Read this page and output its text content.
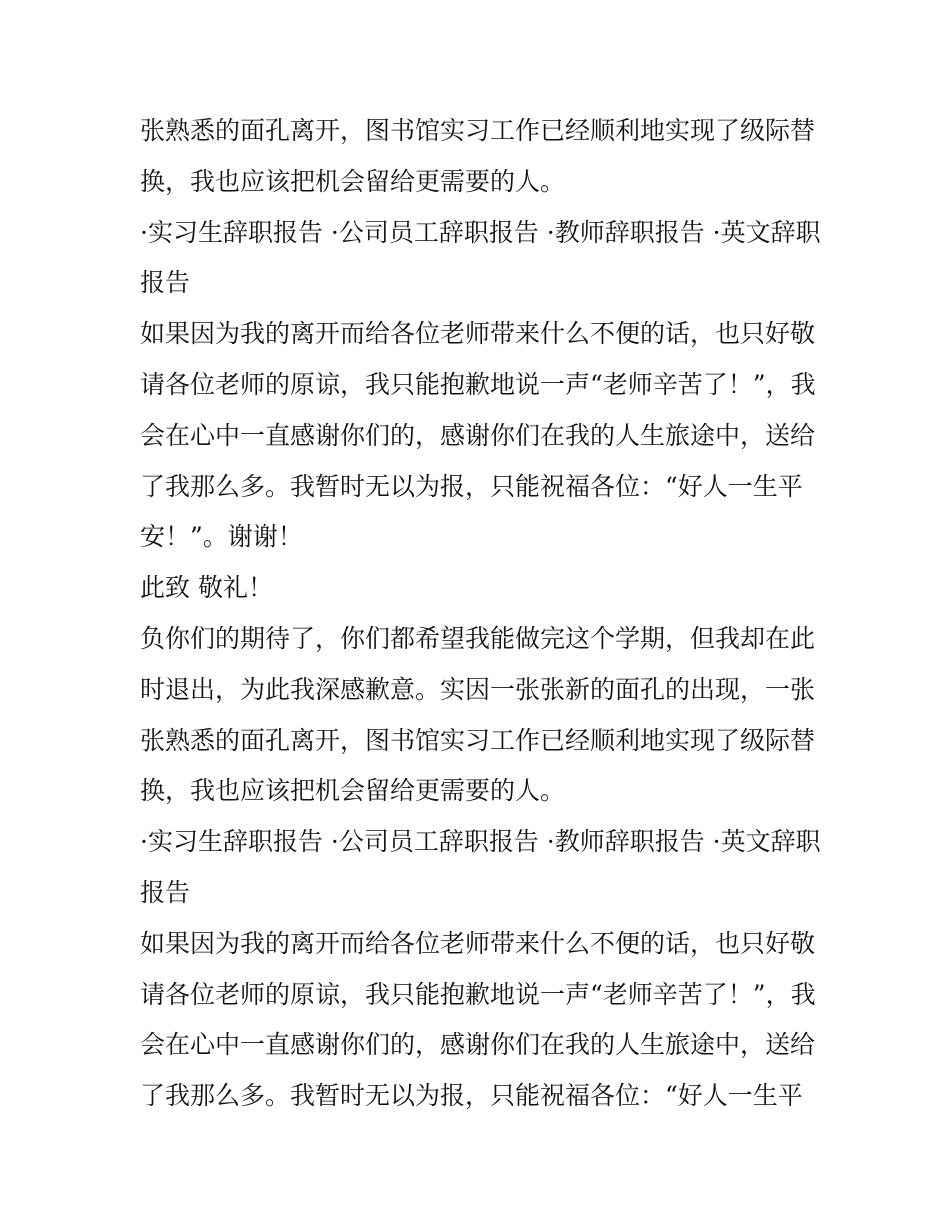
张熟悉的面孔离开，图书馆实习工作已经顺利地实现了级际替
换，我也应该把机会留给更需要的人。
·实习生辞职报告 ·公司员工辞职报告 ·教师辞职报告 ·英文辞职
报告
如果因为我的离开而给各位老师带来什么不便的话，也只好敬
请各位老师的原谅，我只能抱歉地说一声“老师辛苦了！”，我
会在心中一直感谢你们的，感谢你们在我的人生旅途中，送给
了我那么多。我暂时无以为报，只能祝福各位：“好人一生平
安！”。谢谢！
此致 敬礼！
负你们的期待了，你们都希望我能做完这个学期，但我却在此
时退出，为此我深感歉意。实因一张张新的面孔的出现，一张
张熟悉的面孔离开，图书馆实习工作已经顺利地实现了级际替
换，我也应该把机会留给更需要的人。
·实习生辞职报告 ·公司员工辞职报告 ·教师辞职报告 ·英文辞职
报告
如果因为我的离开而给各位老师带来什么不便的话，也只好敬
请各位老师的原谅，我只能抱歉地说一声“老师辛苦了！”，我
会在心中一直感谢你们的，感谢你们在我的人生旅途中，送给
了我那么多。我暂时无以为报，只能祝福各位：“好人一生平
